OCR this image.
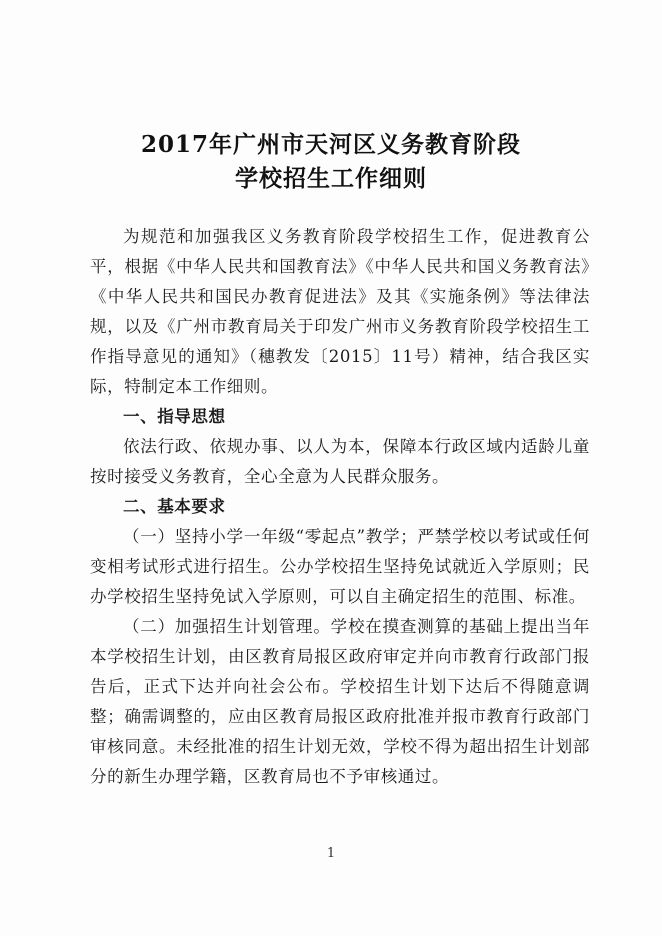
2017年广州市天河区义务教育阶段
学校招生工作细则

为规范和加强我区义务教育阶段学校招生工作，促进教育公平，根据《中华人民共和国教育法》《中华人民共和国义务教育法》《中华人民共和国民办教育促进法》及其《实施条例》等法律法规，以及《广州市教育局关于印发广州市义务教育阶段学校招生工作指导意见的通知》（穗教发〔2015〕11号）精神，结合我区实际，特制定本工作细则。

一、指导思想

依法行政、依规办事、以人为本，保障本行政区域内适龄儿童按时接受义务教育，全心全意为人民群众服务。

二、基本要求

（一）坚持小学一年级“零起点”教学；严禁学校以考试或任何变相考试形式进行招生。公办学校招生坚持免试就近入学原则；民办学校招生坚持免试入学原则，可以自主确定招生的范围、标准。

（二）加强招生计划管理。学校在摸查测算的基础上提出当年本学校招生计划，由区教育局报区政府审定并向市教育行政部门报告后，正式下达并向社会公布。学校招生计划下达后不得随意调整；确需调整的，应由区教育局报区政府批准并报市教育行政部门审核同意。未经批准的招生计划无效，学校不得为超出招生计划部分的新生办理学籍，区教育局也不予审核通过。

1
